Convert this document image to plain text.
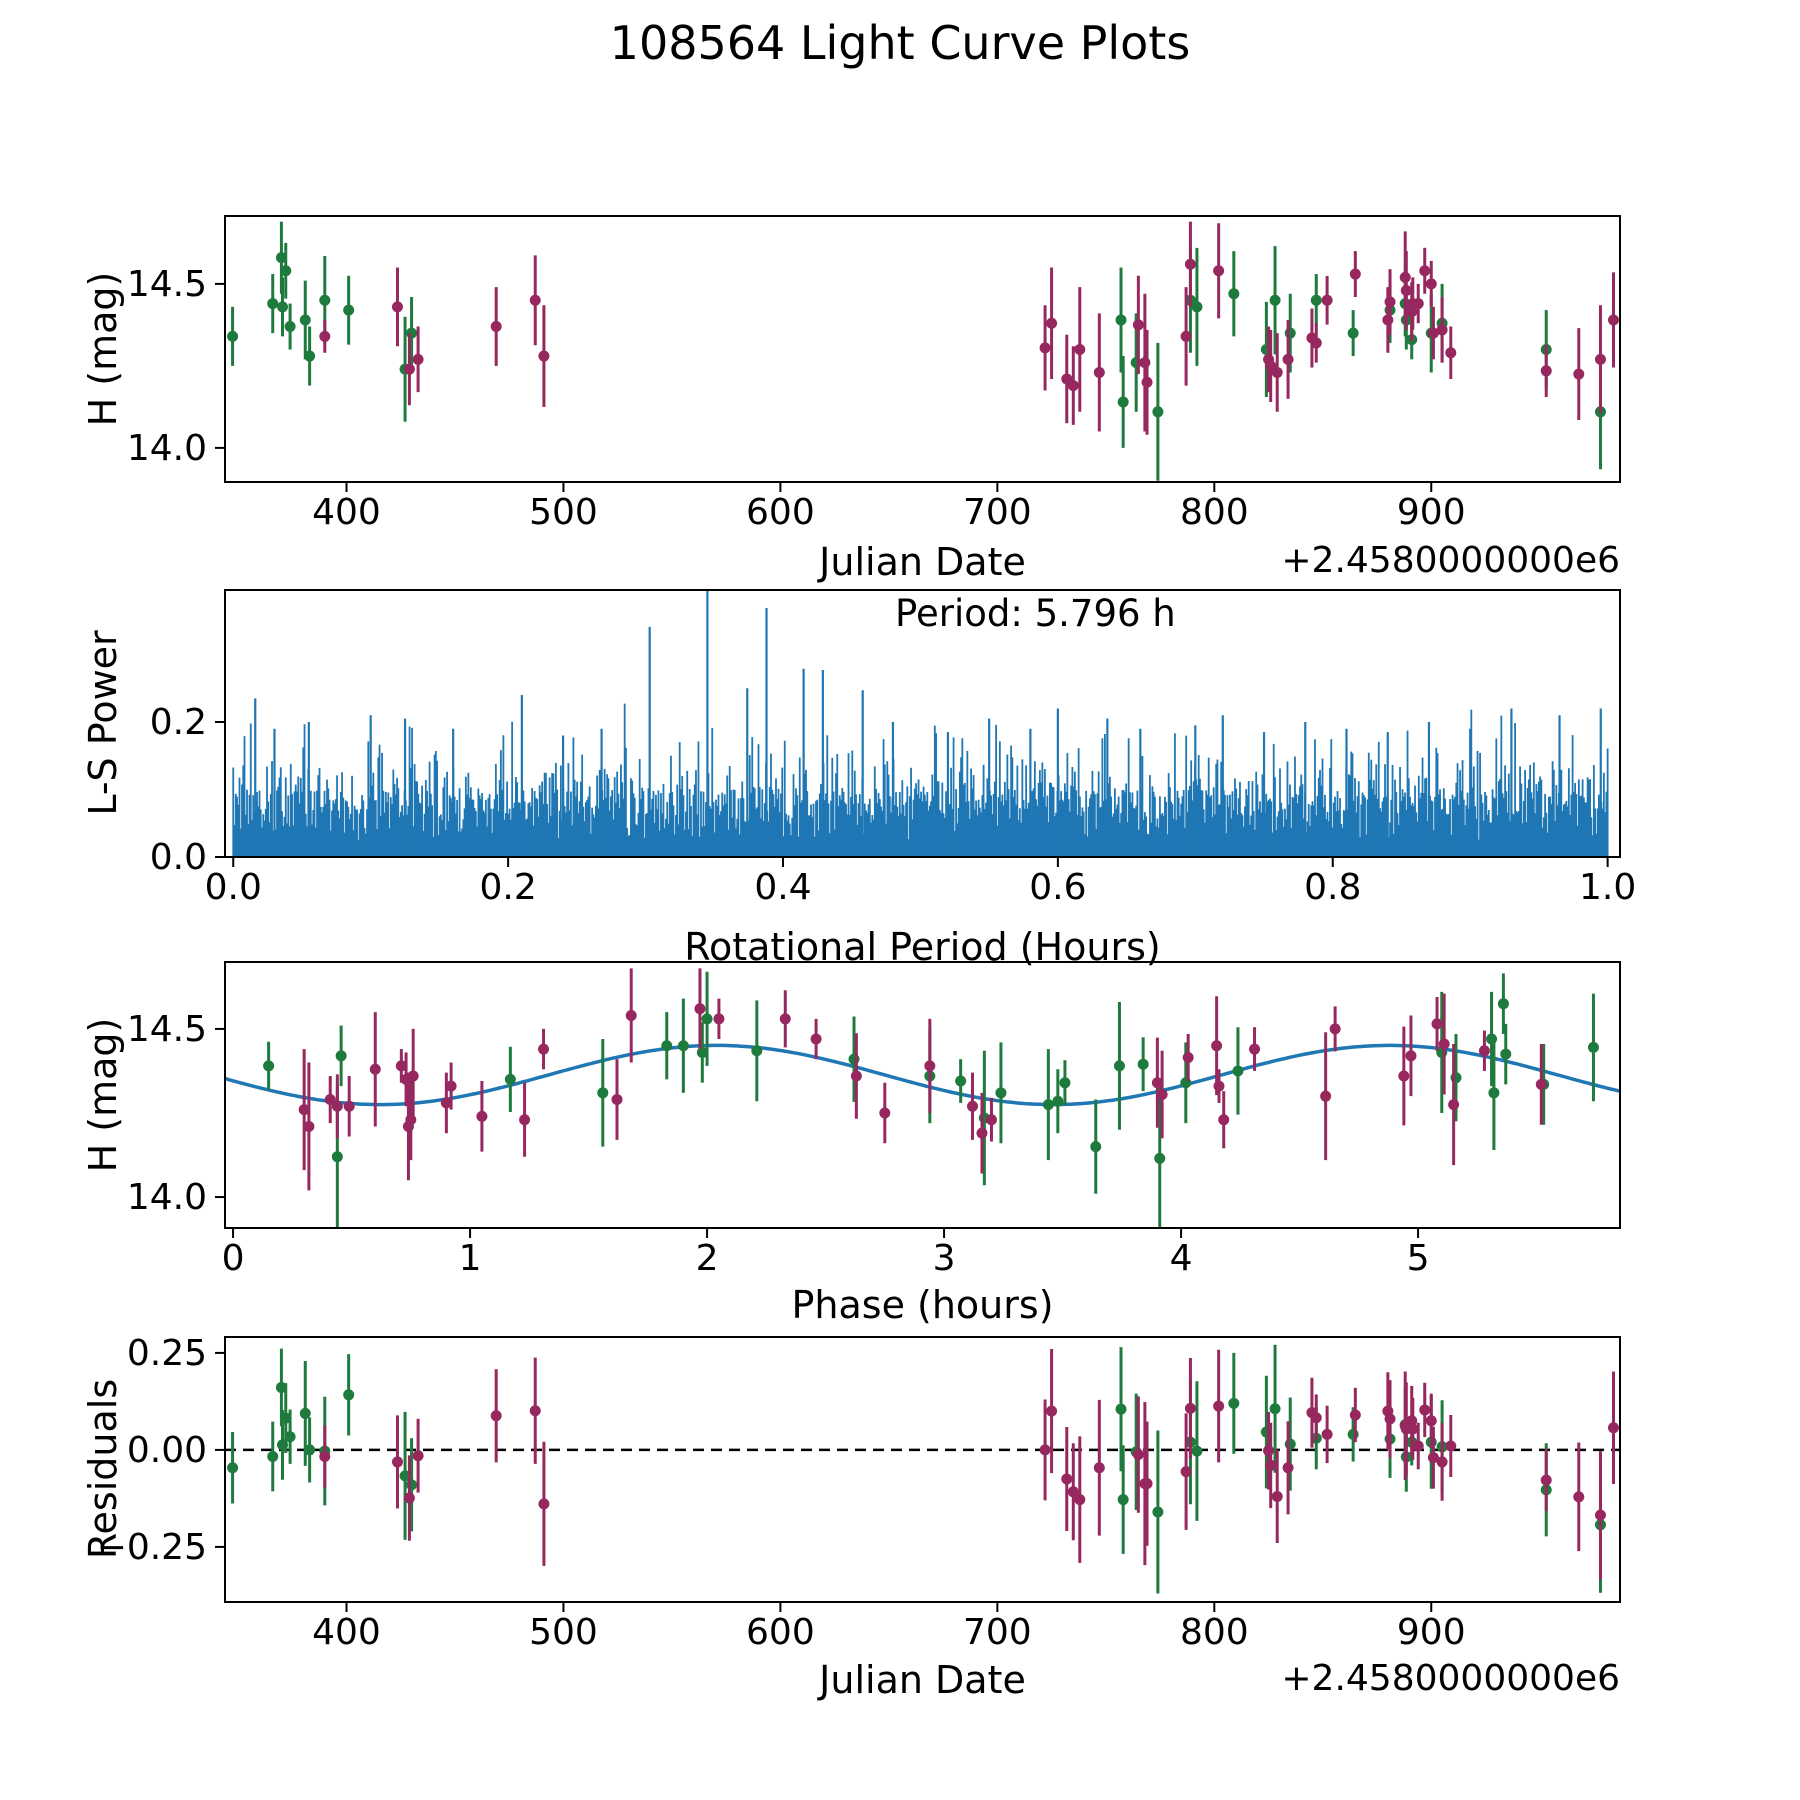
400	500	600	700	800	900
14.0
14.5
0.0	0.2	0.4	0.6	0.8	1.0
0.0
0.2
0	1	2	3	4	5
14.0
14.5
400	500	600	700	800	900
−0.25
0.00
0.25
108564 Light Curve Plots
H (mag)
L-S Power
H (mag)
Residuals
Julian Date	+2.4580000000e6
Rotational Period (Hours)
Period: 5.796 h
Phase (hours)
Julian Date	+2.4580000000e6
